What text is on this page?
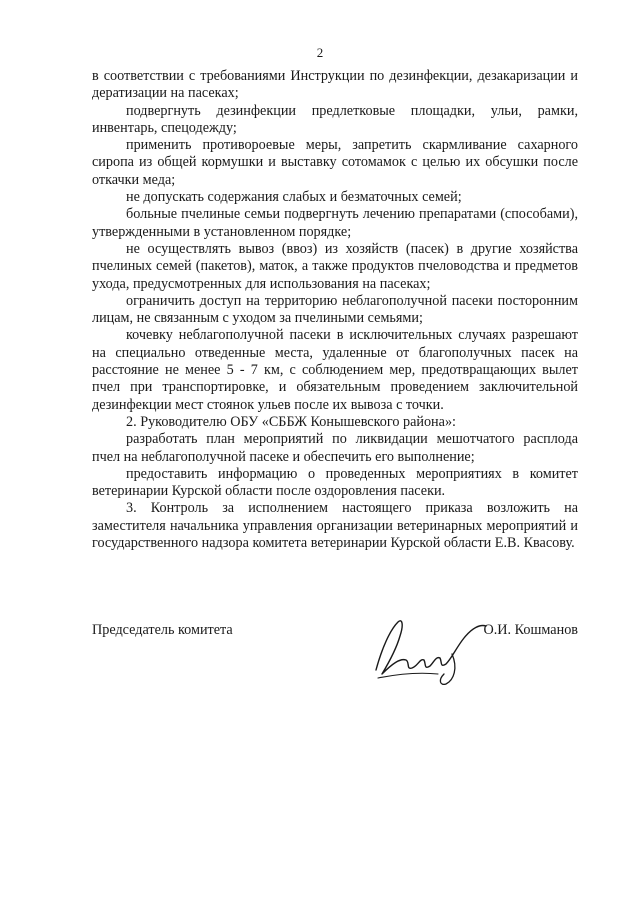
2

в соответствии с требованиями Инструкции по дезинфекции, дезакаризации и дератизации на пасеках;

подвергнуть дезинфекции предлетковые площадки, ульи, рамки, инвентарь, спецодежду;

применить противороевые меры, запретить скармливание сахарного сиропа из общей кормушки и выставку сотомамок с целью их обсушки после откачки меда;

не допускать содержания слабых и безматочных семей;

больные пчелиные семьи подвергнуть лечению препаратами (способами), утвержденными в установленном порядке;

не осуществлять вывоз (ввоз) из хозяйств (пасек) в другие хозяйства пчелиных семей (пакетов), маток, а также продуктов пчеловодства и предметов ухода, предусмотренных для использования на пасеках;

ограничить доступ на территорию неблагополучной пасеки посторонним лицам, не связанным с уходом за пчелиными семьями;

кочевку неблагополучной пасеки в исключительных случаях разрешают на специально отведенные места, удаленные от благополучных пасек на расстояние не менее 5 - 7 км, с соблюдением мер, предотвращающих вылет пчел при транспортировке, и обязательным проведением заключительной дезинфекции мест стоянок ульев после их вывоза с точки.

2. Руководителю ОБУ «СББЖ Конышевского района»:

разработать план мероприятий по ликвидации мешотчатого расплода пчел на неблагополучной пасеке и обеспечить его выполнение;

предоставить информацию о проведенных мероприятиях в комитет ветеринарии Курской области после оздоровления пасеки.

3. Контроль за исполнением настоящего приказа возложить на заместителя начальника управления организации ветеринарных мероприятий и государственного надзора комитета ветеринарии Курской области Е.В. Квасову.

Председатель комитета	О.И. Кошманов
